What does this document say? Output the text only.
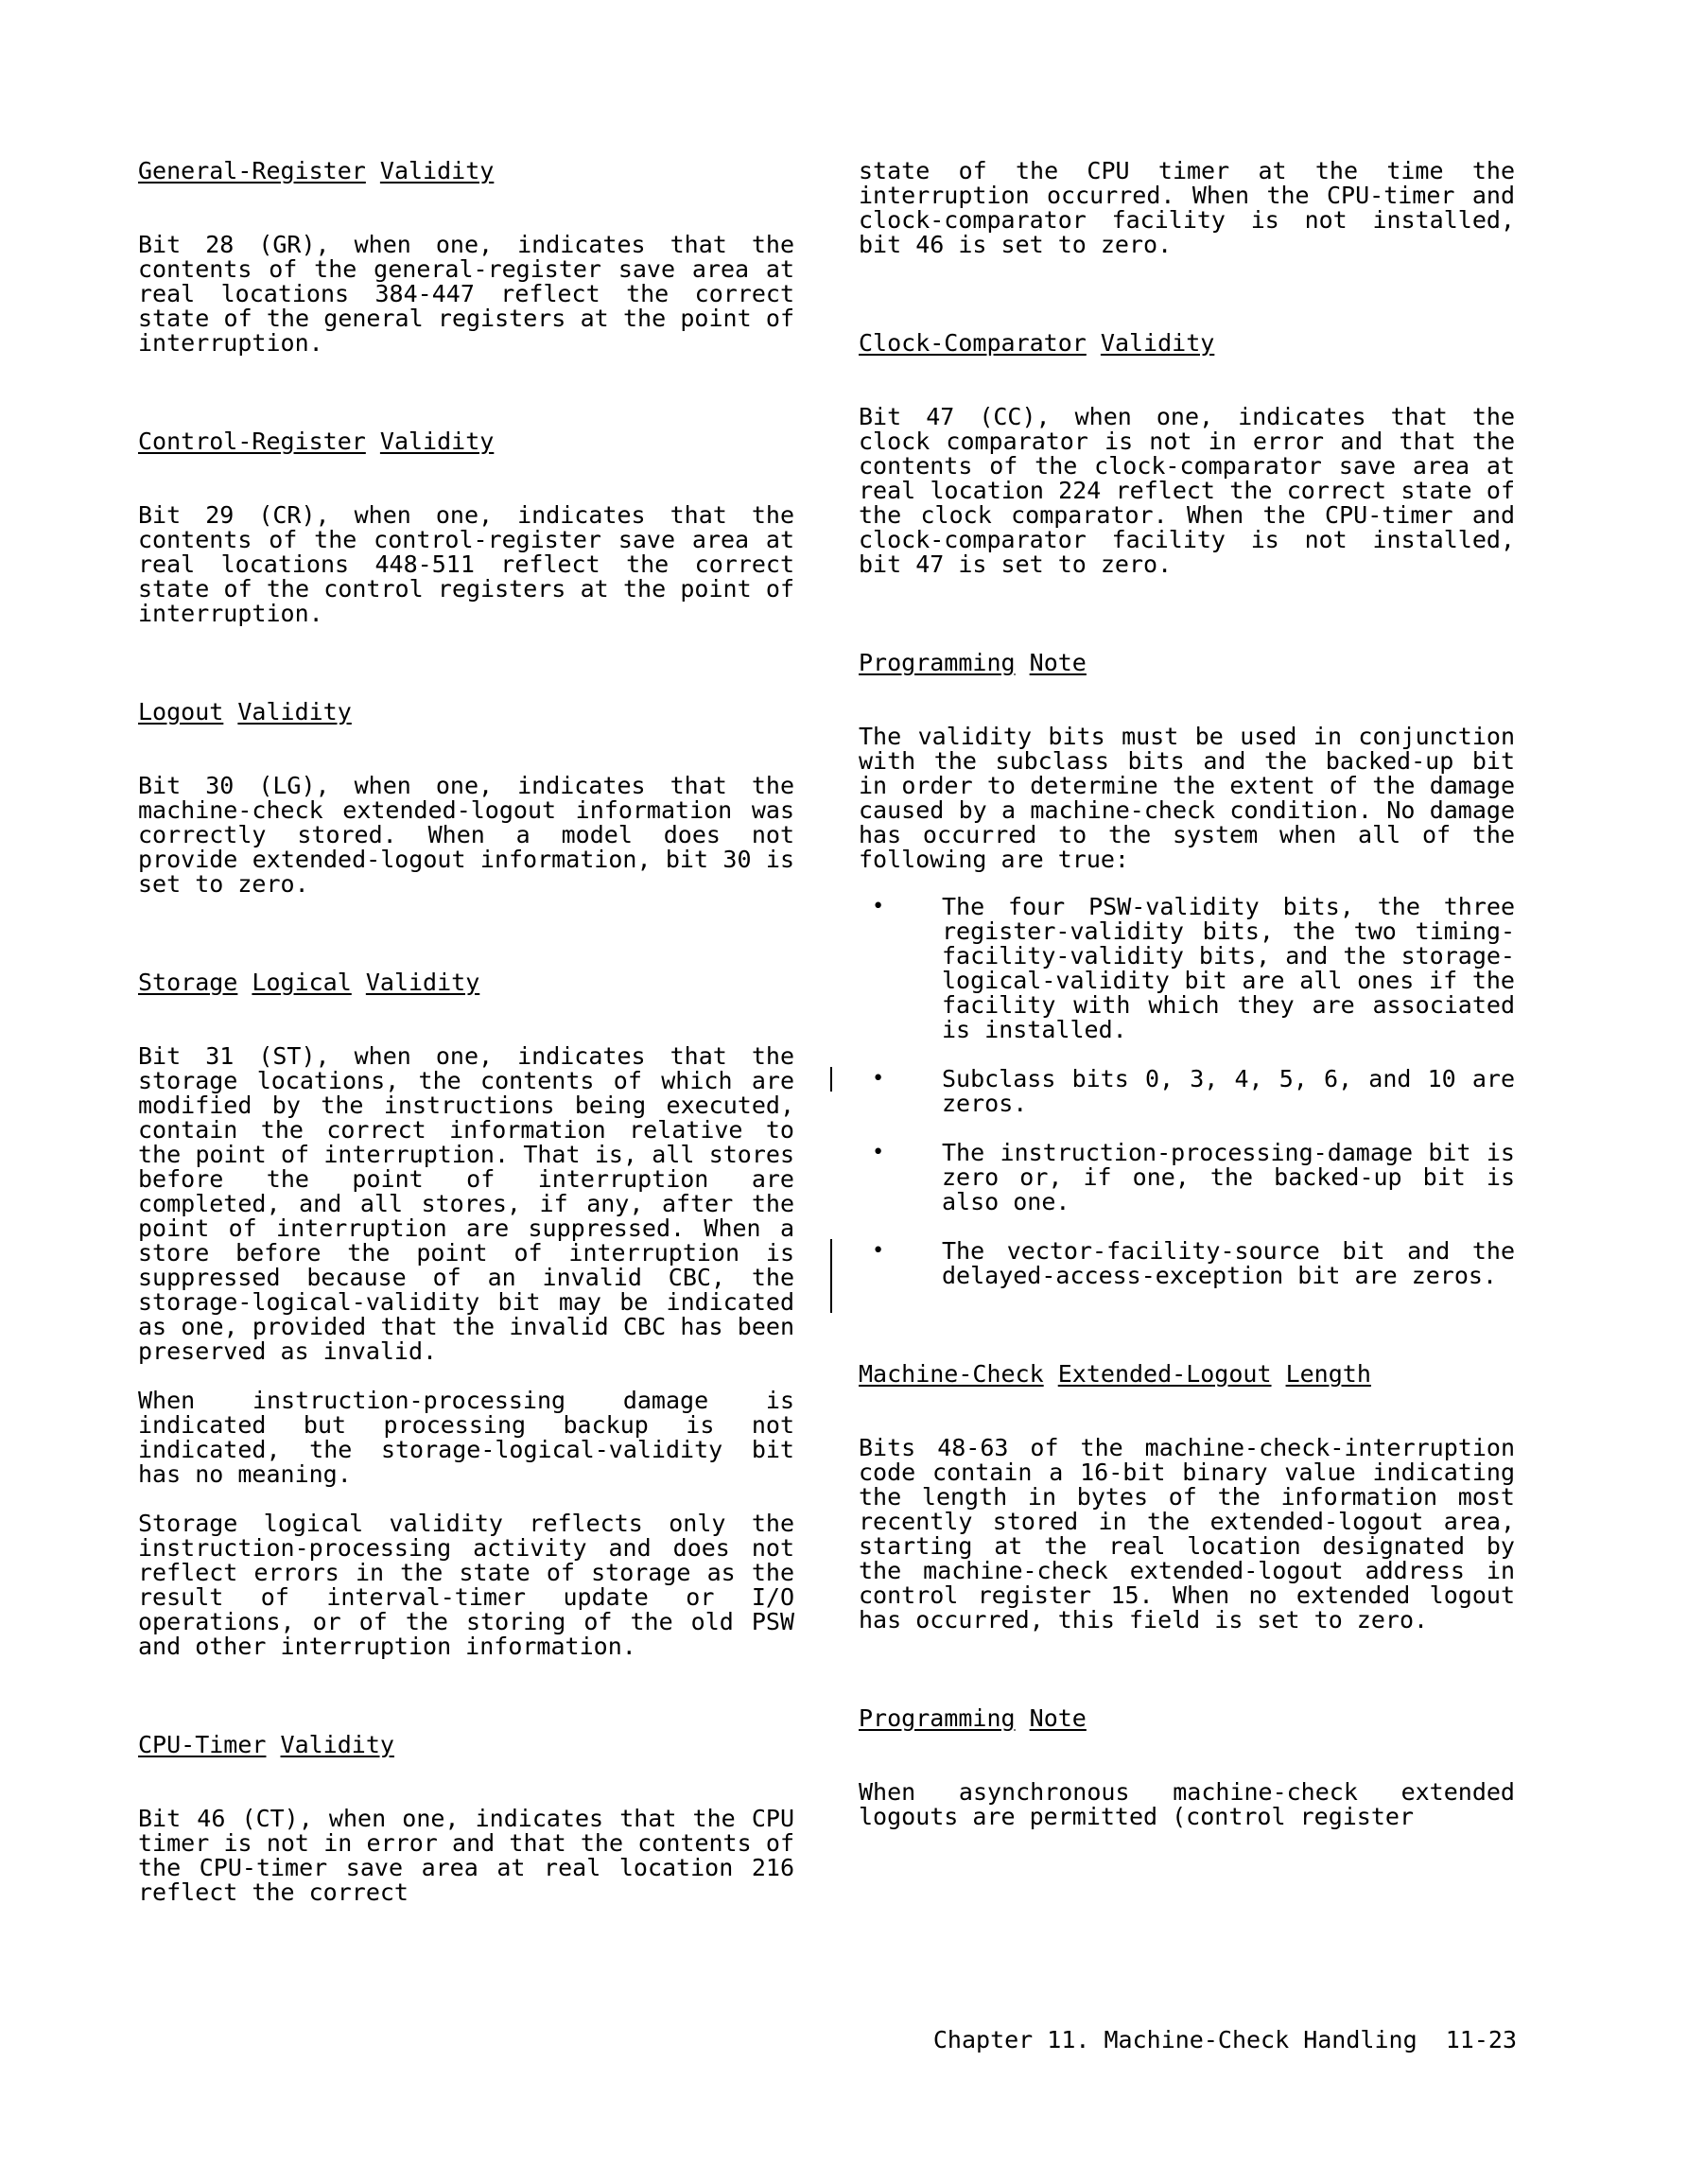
General-Register Validity

Bit 28 (GR), when one, indicates that the contents of the general-register save area at real locations 384-447 reflect the correct state of the general registers at the point of interruption.

Control-Register Validity

Bit 29 (CR), when one, indicates that the contents of the control-register save area at real locations 448-511 reflect the correct state of the control registers at the point of interruption.

Logout Validity

Bit 30 (LG), when one, indicates that the machine-check extended-logout information was correctly stored. When a model does not provide extended-logout information, bit 30 is set to zero.

Storage Logical Validity

Bit 31 (ST), when one, indicates that the storage locations, the contents of which are modified by the instructions being executed, contain the correct information relative to the point of interruption. That is, all stores before the point of interruption are completed, and all stores, if any, after the point of interruption are suppressed. When a store before the point of interruption is suppressed because of an invalid CBC, the storage-logical-validity bit may be indicated as one, provided that the invalid CBC has been preserved as invalid.

When instruction-processing damage is indicated but processing backup is not indicated, the storage-logical-validity bit has no meaning.

Storage logical validity reflects only the instruction-processing activity and does not reflect errors in the state of storage as the result of interval-timer update or I/O operations, or of the storing of the old PSW and other interruption information.

CPU-Timer Validity

Bit 46 (CT), when one, indicates that the CPU timer is not in error and that the contents of the CPU-timer save area at real location 216 reflect the correct

state of the CPU timer at the time the interruption occurred. When the CPU-timer and clock-comparator facility is not installed, bit 46 is set to zero.

Clock-Comparator Validity

Bit 47 (CC), when one, indicates that the clock comparator is not in error and that the contents of the clock-comparator save area at real location 224 reflect the correct state of the clock comparator. When the CPU-timer and clock-comparator facility is not installed, bit 47 is set to zero.

Programming Note

The validity bits must be used in conjunction with the subclass bits and the backed-up bit in order to determine the extent of the damage caused by a machine-check condition. No damage has occurred to the system when all of the following are true:

• The four PSW-validity bits, the three register-validity bits, the two timing-facility-validity bits, and the storage-logical-validity bit are all ones if the facility with which they are associated is installed.

• Subclass bits 0, 3, 4, 5, 6, and 10 are zeros.

• The instruction-processing-damage bit is zero or, if one, the backed-up bit is also one.

• The vector-facility-source bit and the delayed-access-exception bit are zeros.

Machine-Check Extended-Logout Length

Bits 48-63 of the machine-check-interruption code contain a 16-bit binary value indicating the length in bytes of the information most recently stored in the extended-logout area, starting at the real location designated by the machine-check extended-logout address in control register 15. When no extended logout has occurred, this field is set to zero.

Programming Note

When asynchronous machine-check extended logouts are permitted (control register

Chapter 11. Machine-Check Handling 11-23
